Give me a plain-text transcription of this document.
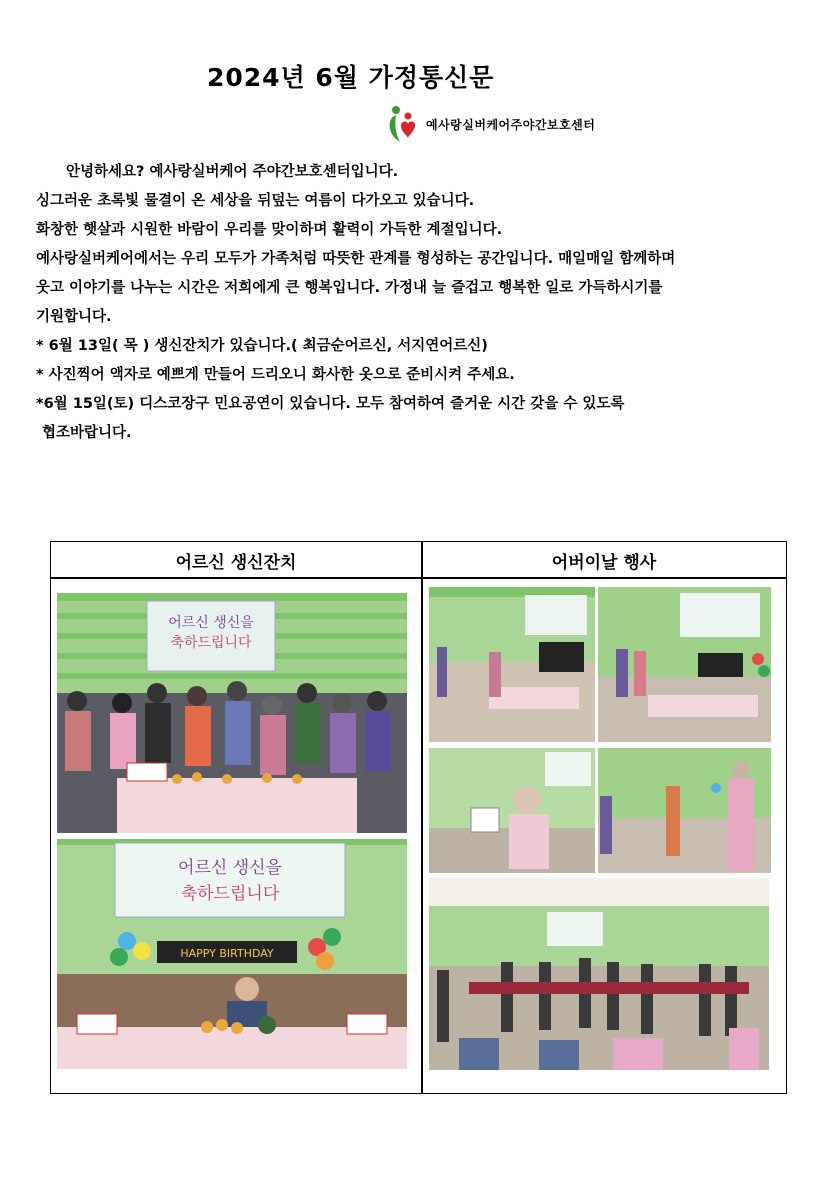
2024년 6월 가정통신문
예사랑실버케어주야간보호센터

안녕하세요? 예사랑실버케어 주야간보호센터입니다.

싱그러운 초록빛 물결이 온 세상을 뒤덮는 여름이 다가오고 있습니다.

화창한 햇살과 시원한 바람이 우리를 맞이하며 활력이 가득한 계절입니다.

예사랑실버케어에서는 우리 모두가 가족처럼 따뜻한 관계를 형성하는 공간입니다. 매일매일 함께하며

웃고 이야기를 나누는 시간은 저희에게 큰 행복입니다. 가정내 늘 즐겁고 행복한 일로 가득하시기를

기원합니다.

* 6월 13일( 목 ) 생신잔치가 있습니다.( 최금순어르신, 서지연어르신)

* 사진찍어 액자로 예쁘게 만들어 드리오니 화사한 옷으로 준비시켜 주세요.

*6월 15일(토) 디스코장구 민요공연이 있습니다. 모두 참여하여 즐거운 시간 갖을 수 있도록

협조바랍니다.

어르신 생신잔치	어버이날 행사
어르신 생신을
축하드립니다
어르신 생신을
축하드립니다
HAPPY BIRTHDAY
